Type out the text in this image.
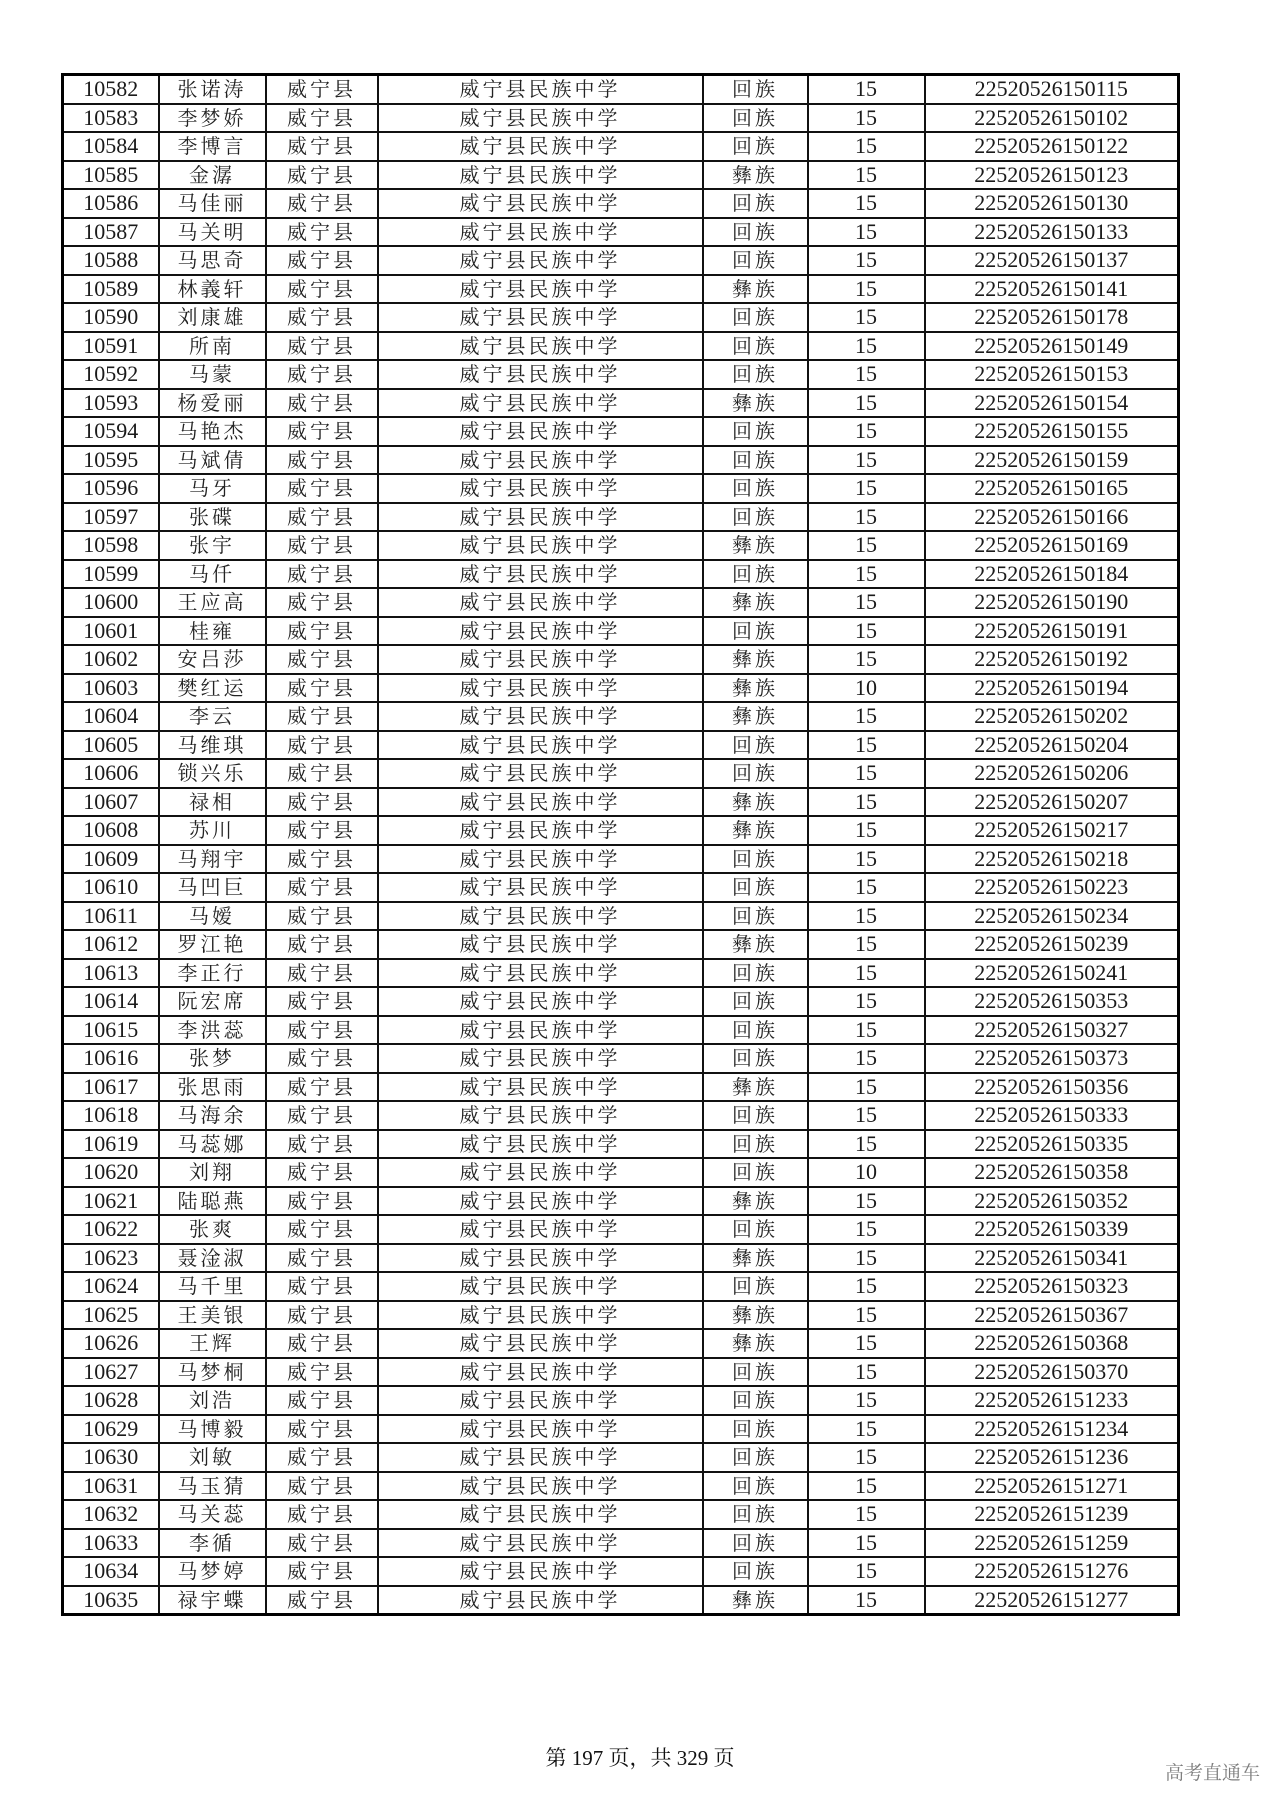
10582	张诺涛	威宁县	威宁县民族中学	回族	15	22520526150115
10583	李梦娇	威宁县	威宁县民族中学	回族	15	22520526150102
10584	李博言	威宁县	威宁县民族中学	回族	15	22520526150122
10585	金潺	威宁县	威宁县民族中学	彝族	15	22520526150123
10586	马佳丽	威宁县	威宁县民族中学	回族	15	22520526150130
10587	马关明	威宁县	威宁县民族中学	回族	15	22520526150133
10588	马思奇	威宁县	威宁县民族中学	回族	15	22520526150137
10589	林義轩	威宁县	威宁县民族中学	彝族	15	22520526150141
10590	刘康雄	威宁县	威宁县民族中学	回族	15	22520526150178
10591	所南	威宁县	威宁县民族中学	回族	15	22520526150149
10592	马蒙	威宁县	威宁县民族中学	回族	15	22520526150153
10593	杨爱丽	威宁县	威宁县民族中学	彝族	15	22520526150154
10594	马艳杰	威宁县	威宁县民族中学	回族	15	22520526150155
10595	马斌倩	威宁县	威宁县民族中学	回族	15	22520526150159
10596	马牙	威宁县	威宁县民族中学	回族	15	22520526150165
10597	张碟	威宁县	威宁县民族中学	回族	15	22520526150166
10598	张宇	威宁县	威宁县民族中学	彝族	15	22520526150169
10599	马仟	威宁县	威宁县民族中学	回族	15	22520526150184
10600	王应高	威宁县	威宁县民族中学	彝族	15	22520526150190
10601	桂雍	威宁县	威宁县民族中学	回族	15	22520526150191
10602	安吕莎	威宁县	威宁县民族中学	彝族	15	22520526150192
10603	樊红运	威宁县	威宁县民族中学	彝族	10	22520526150194
10604	李云	威宁县	威宁县民族中学	彝族	15	22520526150202
10605	马维琪	威宁县	威宁县民族中学	回族	15	22520526150204
10606	锁兴乐	威宁县	威宁县民族中学	回族	15	22520526150206
10607	禄相	威宁县	威宁县民族中学	彝族	15	22520526150207
10608	苏川	威宁县	威宁县民族中学	彝族	15	22520526150217
10609	马翔宇	威宁县	威宁县民族中学	回族	15	22520526150218
10610	马凹巨	威宁县	威宁县民族中学	回族	15	22520526150223
10611	马嫒	威宁县	威宁县民族中学	回族	15	22520526150234
10612	罗江艳	威宁县	威宁县民族中学	彝族	15	22520526150239
10613	李正行	威宁县	威宁县民族中学	回族	15	22520526150241
10614	阮宏席	威宁县	威宁县民族中学	回族	15	22520526150353
10615	李洪蕊	威宁县	威宁县民族中学	回族	15	22520526150327
10616	张梦	威宁县	威宁县民族中学	回族	15	22520526150373
10617	张思雨	威宁县	威宁县民族中学	彝族	15	22520526150356
10618	马海余	威宁县	威宁县民族中学	回族	15	22520526150333
10619	马蕊娜	威宁县	威宁县民族中学	回族	15	22520526150335
10620	刘翔	威宁县	威宁县民族中学	回族	10	22520526150358
10621	陆聪燕	威宁县	威宁县民族中学	彝族	15	22520526150352
10622	张爽	威宁县	威宁县民族中学	回族	15	22520526150339
10623	聂淦淑	威宁县	威宁县民族中学	彝族	15	22520526150341
10624	马千里	威宁县	威宁县民族中学	回族	15	22520526150323
10625	王美银	威宁县	威宁县民族中学	彝族	15	22520526150367
10626	王辉	威宁县	威宁县民族中学	彝族	15	22520526150368
10627	马梦桐	威宁县	威宁县民族中学	回族	15	22520526150370
10628	刘浩	威宁县	威宁县民族中学	回族	15	22520526151233
10629	马博毅	威宁县	威宁县民族中学	回族	15	22520526151234
10630	刘敏	威宁县	威宁县民族中学	回族	15	22520526151236
10631	马玉猜	威宁县	威宁县民族中学	回族	15	22520526151271
10632	马关蕊	威宁县	威宁县民族中学	回族	15	22520526151239
10633	李循	威宁县	威宁县民族中学	回族	15	22520526151259
10634	马梦婷	威宁县	威宁县民族中学	回族	15	22520526151276
10635	禄宇蝶	威宁县	威宁县民族中学	彝族	15	22520526151277
第 197 页，共 329 页
高考直通车
